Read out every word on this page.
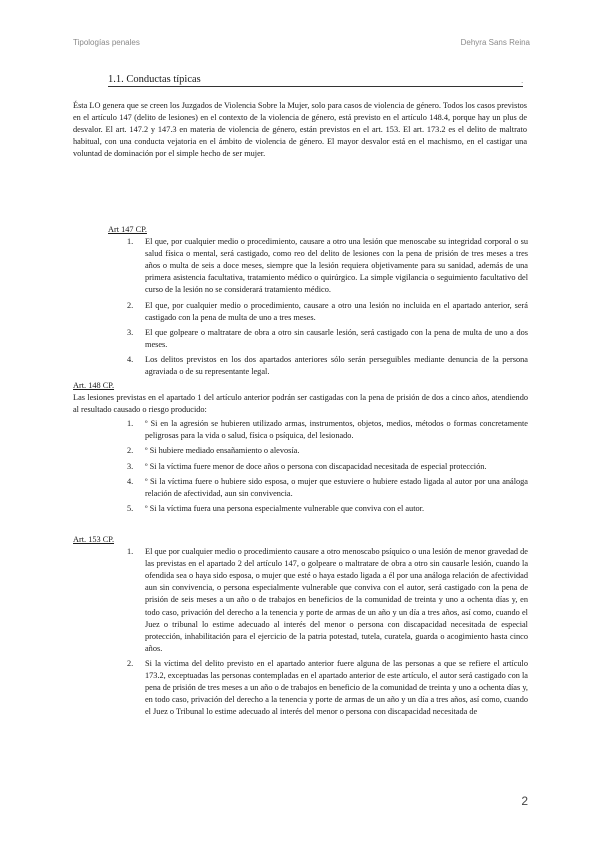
Tipologías penales	Dehyra Sans Reina
1.1. Conductas típicas	.
Ésta LO genera que se creen los Juzgados de Violencia Sobre la Mujer, solo para casos de violencia de género. Todos los casos previstos en el artículo 147 (delito de lesiones) en el contexto de la violencia de género, está previsto en el artículo 148.4, porque hay un plus de desvalor. El art. 147.2 y 147.3 en materia de violencia de género, están previstos en el art. 153. El art. 173.2 es el delito de maltrato habitual, con una conducta vejatoria en el ámbito de violencia de género. El mayor desvalor está en el machismo, en el castigar una voluntad de dominación por el simple hecho de ser mujer.
Art 147 CP.
1. El que, por cualquier medio o procedimiento, causare a otro una lesión que menoscabe su integridad corporal o su salud física o mental, será castigado, como reo del delito de lesiones con la pena de prisión de tres meses a tres años o multa de seis a doce meses, siempre que la lesión requiera objetivamente para su sanidad, además de una primera asistencia facultativa, tratamiento médico o quirúrgico. La simple vigilancia o seguimiento facultativo del curso de la lesión no se considerará tratamiento médico.
2. El que, por cualquier medio o procedimiento, causare a otro una lesión no incluida en el apartado anterior, será castigado con la pena de multa de uno a tres meses.
3. El que golpeare o maltratare de obra a otro sin causarle lesión, será castigado con la pena de multa de uno a dos meses.
4. Los delitos previstos en los dos apartados anteriores sólo serán perseguibles mediante denuncia de la persona agraviada o de su representante legal.
Art. 148 CP.
Las lesiones previstas en el apartado 1 del artículo anterior podrán ser castigadas con la pena de prisión de dos a cinco años, atendiendo al resultado causado o riesgo producido:
1. º Si en la agresión se hubieren utilizado armas, instrumentos, objetos, medios, métodos o formas concretamente peligrosas para la vida o salud, física o psíquica, del lesionado.
2. º Si hubiere mediado ensañamiento o alevosía.
3. º Si la víctima fuere menor de doce años o persona con discapacidad necesitada de especial protección.
4. º Si la víctima fuere o hubiere sido esposa, o mujer que estuviere o hubiere estado ligada al autor por una análoga relación de afectividad, aun sin convivencia.
5. º Si la víctima fuera una persona especialmente vulnerable que conviva con el autor.
Art. 153 CP.
1. El que por cualquier medio o procedimiento causare a otro menoscabo psíquico o una lesión de menor gravedad de las previstas en el apartado 2 del artículo 147, o golpeare o maltratare de obra a otro sin causarle lesión, cuando la ofendida sea o haya sido esposa, o mujer que esté o haya estado ligada a él por una análoga relación de afectividad aun sin convivencia, o persona especialmente vulnerable que conviva con el autor, será castigado con la pena de prisión de seis meses a un año o de trabajos en beneficios de la comunidad de treinta y uno a ochenta días y, en todo caso, privación del derecho a la tenencia y porte de armas de un año y un día a tres años, así como, cuando el Juez o tribunal lo estime adecuado al interés del menor o persona con discapacidad necesitada de especial protección, inhabilitación para el ejercicio de la patria potestad, tutela, curatela, guarda o acogimiento hasta cinco años.
2. Si la víctima del delito previsto en el apartado anterior fuere alguna de las personas a que se refiere el artículo 173.2, exceptuadas las personas contempladas en el apartado anterior de este artículo, el autor será castigado con la pena de prisión de tres meses a un año o de trabajos en beneficio de la comunidad de treinta y uno a ochenta días y, en todo caso, privación del derecho a la tenencia y porte de armas de un año y un día a tres años, así como, cuando el Juez o Tribunal lo estime adecuado al interés del menor o persona con discapacidad necesitada de
2
